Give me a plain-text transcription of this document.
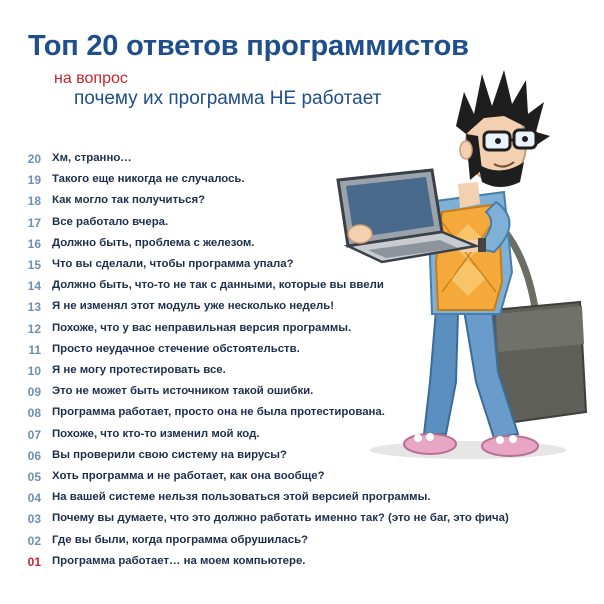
Топ 20 ответов программистов
на вопрос
почему их программа НЕ работает
20 Хм, странно…
19 Такого еще никогда не случалось.
18 Как могло так получиться?
17 Все работало вчера.
16 Должно быть, проблема с железом.
15 Что вы сделали, чтобы программа упала?
14 Должно быть, что-то не так с данными, которые вы ввели
13 Я не изменял этот модуль уже несколько недель!
12 Похоже, что у вас неправильная версия программы.
11 Просто неудачное стечение обстоятельств.
10 Я не могу протестировать все.
09 Это не может быть источником такой ошибки.
08 Программа работает, просто она не была протестирована.
07 Похоже, что кто-то изменил мой код.
06 Вы проверили свою систему на вирусы?
05 Хоть программа и не работает, как она вообще?
04 На вашей системе нельзя пользоваться этой версией программы.
03 Почему вы думаете, что это должно работать именно так? (это не баг, это фича)
02 Где вы были, когда программа обрушилась?
01 Программа работает… на моем компьютере.
